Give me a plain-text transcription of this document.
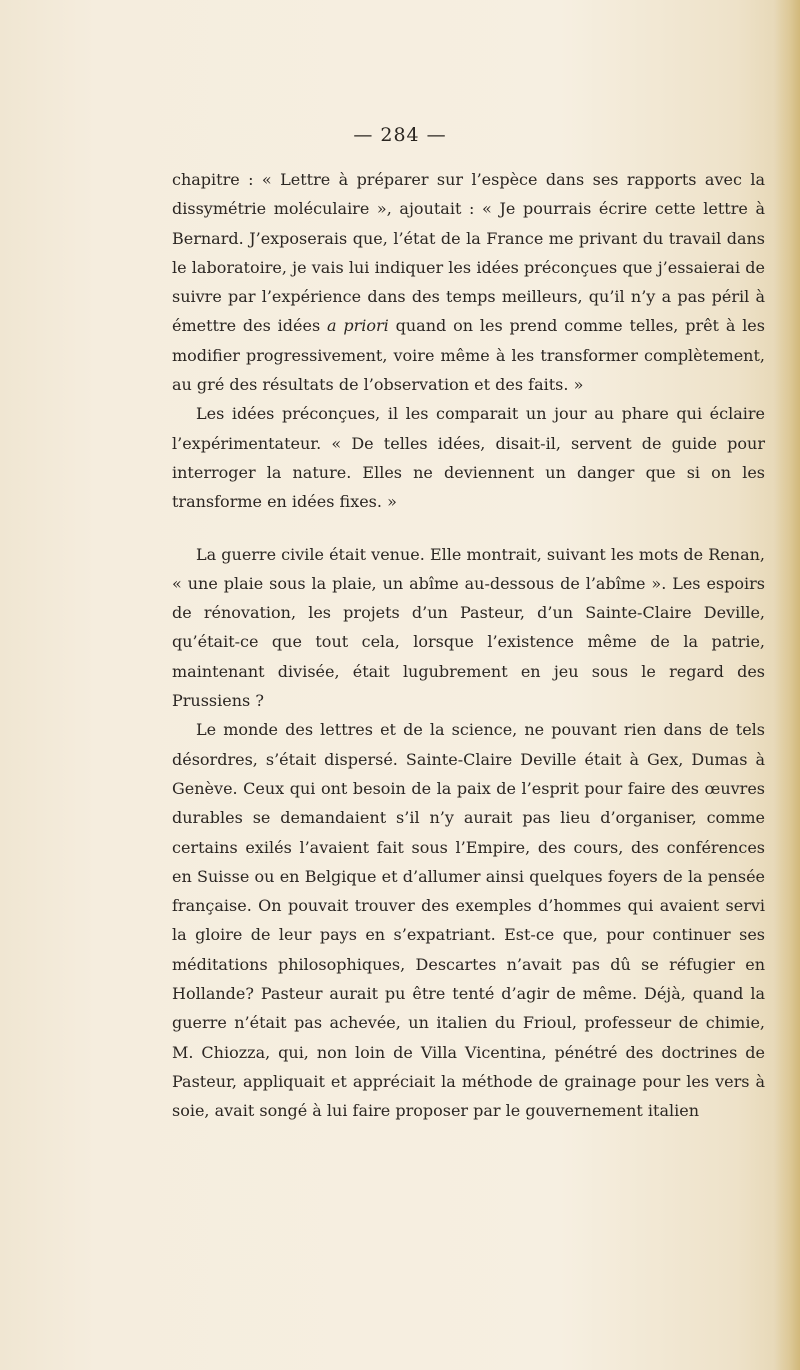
— 284 —

chapitre : « Lettre à préparer sur l’espèce dans ses rapports avec la dissymétrie moléculaire », ajoutait : « Je pourrais écrire cette lettre à Bernard. J’exposerais que, l’état de la France me privant du travail dans le laboratoire, je vais lui indiquer les idées préconçues que j’essaierai de suivre par l’expérience dans des temps meilleurs, qu’il n’y a pas péril à émettre des idées a priori quand on les prend comme telles, prêt à les modifier progressivement, voire même à les transformer complètement, au gré des résultats de l’observation et des faits. »

Les idées préconçues, il les comparait un jour au phare qui éclaire l’expérimentateur. « De telles idées, disait-il, servent de guide pour interroger la nature. Elles ne deviennent un danger que si on les transforme en idées fixes. »

La guerre civile était venue. Elle montrait, suivant les mots de Renan, « une plaie sous la plaie, un abîme au-dessous de l’abîme ». Les espoirs de rénovation, les projets d’un Pasteur, d’un Sainte-Claire Deville, qu’était-ce que tout cela, lorsque l’existence même de la patrie, maintenant divisée, était lugubrement en jeu sous le regard des Prussiens ?

Le monde des lettres et de la science, ne pouvant rien dans de tels désordres, s’était dispersé. Sainte-Claire Deville était à Gex, Dumas à Genève. Ceux qui ont besoin de la paix de l’esprit pour faire des œuvres durables se demandaient s’il n’y aurait pas lieu d’organiser, comme certains exilés l’avaient fait sous l’Empire, des cours, des conférences en Suisse ou en Belgique et d’allumer ainsi quelques foyers de la pensée française. On pouvait trouver des exemples d’hommes qui avaient servi la gloire de leur pays en s’expatriant. Est-ce que, pour continuer ses méditations philosophiques, Descartes n’avait pas dû se réfugier en Hollande? Pasteur aurait pu être tenté d’agir de même. Déjà, quand la guerre n’était pas achevée, un italien du Frioul, professeur de chimie, M. Chiozza, qui, non loin de Villa Vicentina, pénétré des doctrines de Pasteur, appliquait et appréciait la méthode de grainage pour les vers à soie, avait songé à lui faire proposer par le gouvernement italien
